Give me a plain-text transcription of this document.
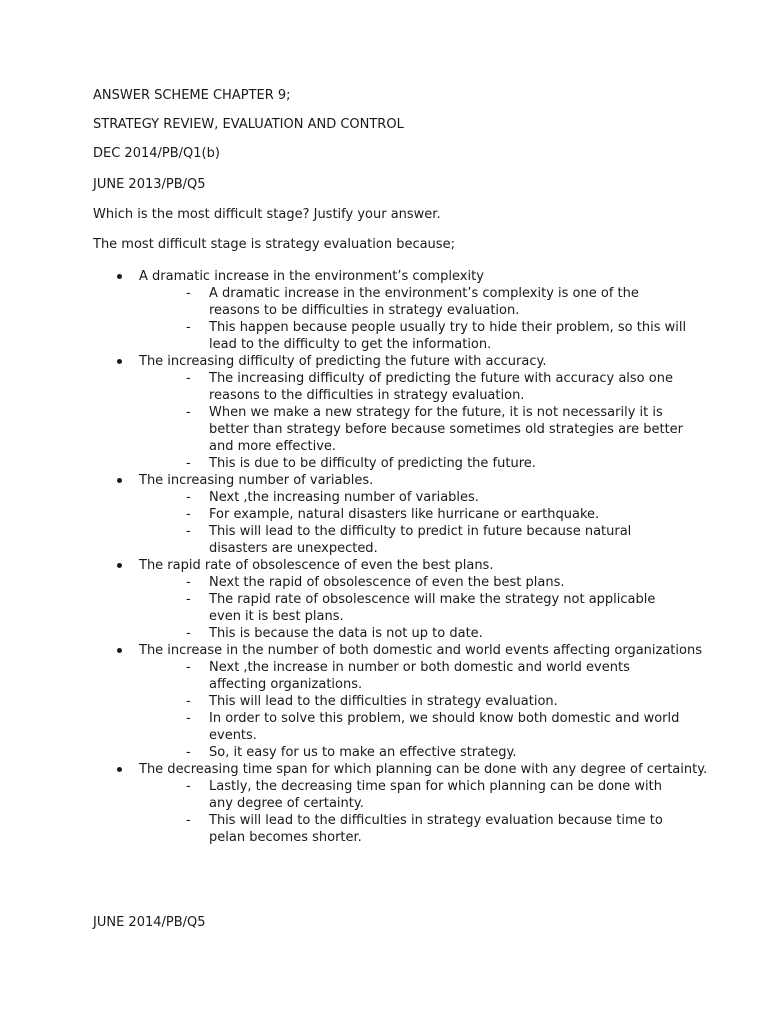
ANSWER SCHEME CHAPTER 9;

STRATEGY REVIEW, EVALUATION AND CONTROL

DEC 2014/PB/Q1(b)

JUNE 2013/PB/Q5

Which is the most difficult stage? Justify your answer.

The most difficult stage is strategy evaluation because;

A dramatic increase in the environment’s complexity
- A dramatic increase in the environment’s complexity is one of the reasons to be difficulties in strategy evaluation.
- This happen because people usually try to hide their problem, so this will lead to the difficulty to get the information.
The increasing difficulty of predicting the future with accuracy.
- The increasing difficulty of predicting the future with accuracy also one reasons to the difficulties in strategy evaluation.
- When we make a new strategy for the future, it is not necessarily it is better than strategy before because sometimes old strategies are better and more effective.
- This is due to be difficulty of predicting the future.
The increasing number of variables.
- Next ,the increasing number of variables.
- For example, natural disasters like hurricane or earthquake.
- This will lead to the difficulty to predict in future because natural disasters are unexpected.
The rapid rate of obsolescence of even the best plans.
- Next the rapid of obsolescence of even the best plans.
- The rapid rate of obsolescence will make the strategy not applicable even it is best plans.
- This is because the data is not up to date.
The increase in the number of both domestic and world events affecting organizations
- Next ,the increase in number or both domestic and world events affecting organizations.
- This will lead to the difficulties in strategy evaluation.
- In order to solve this problem, we should know both domestic and world events.
- So, it easy for us to make an effective strategy.
The decreasing time span for which planning can be done with any degree of certainty.
- Lastly, the decreasing time span for which planning can be done with any degree of certainty.
- This will lead to the difficulties in strategy evaluation because time to pelan becomes shorter.

JUNE 2014/PB/Q5
